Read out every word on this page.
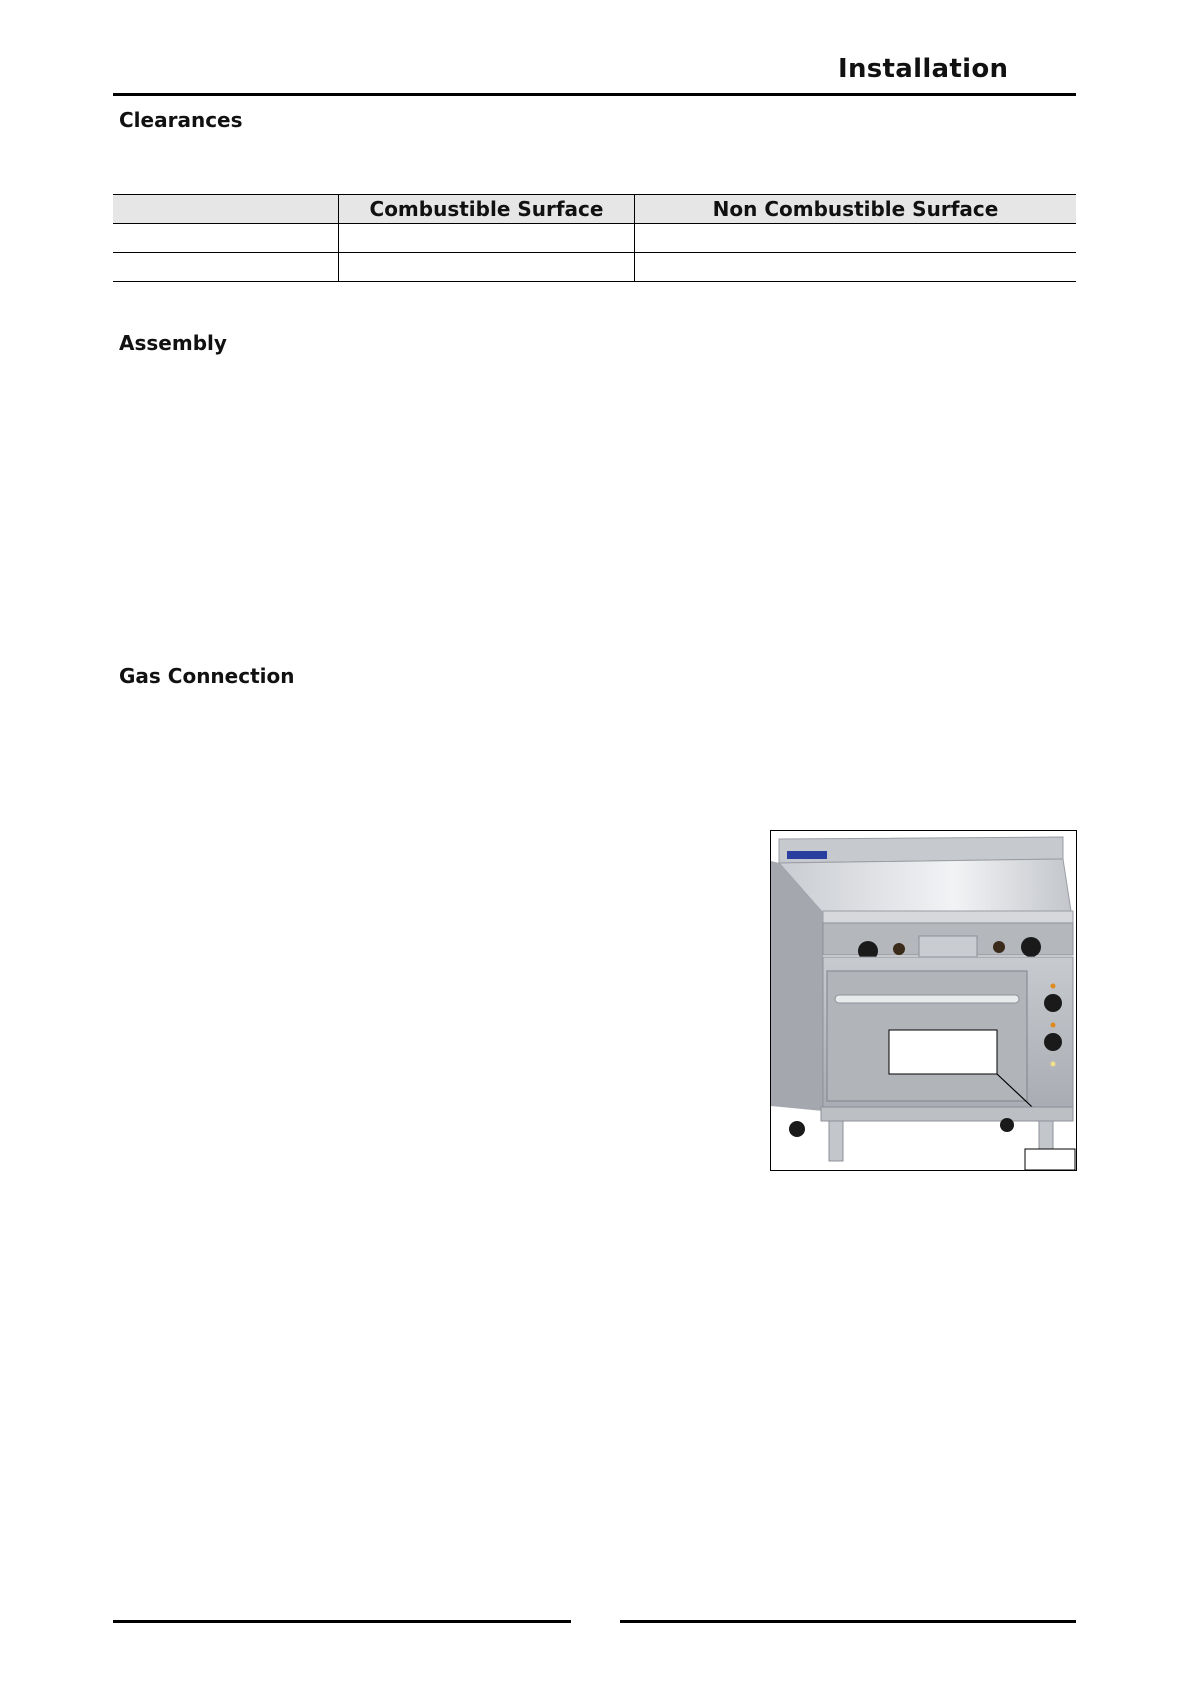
Installation
Clearances
	Combustible Surface	Non Combustible Surface

Assembly
Gas Connection
